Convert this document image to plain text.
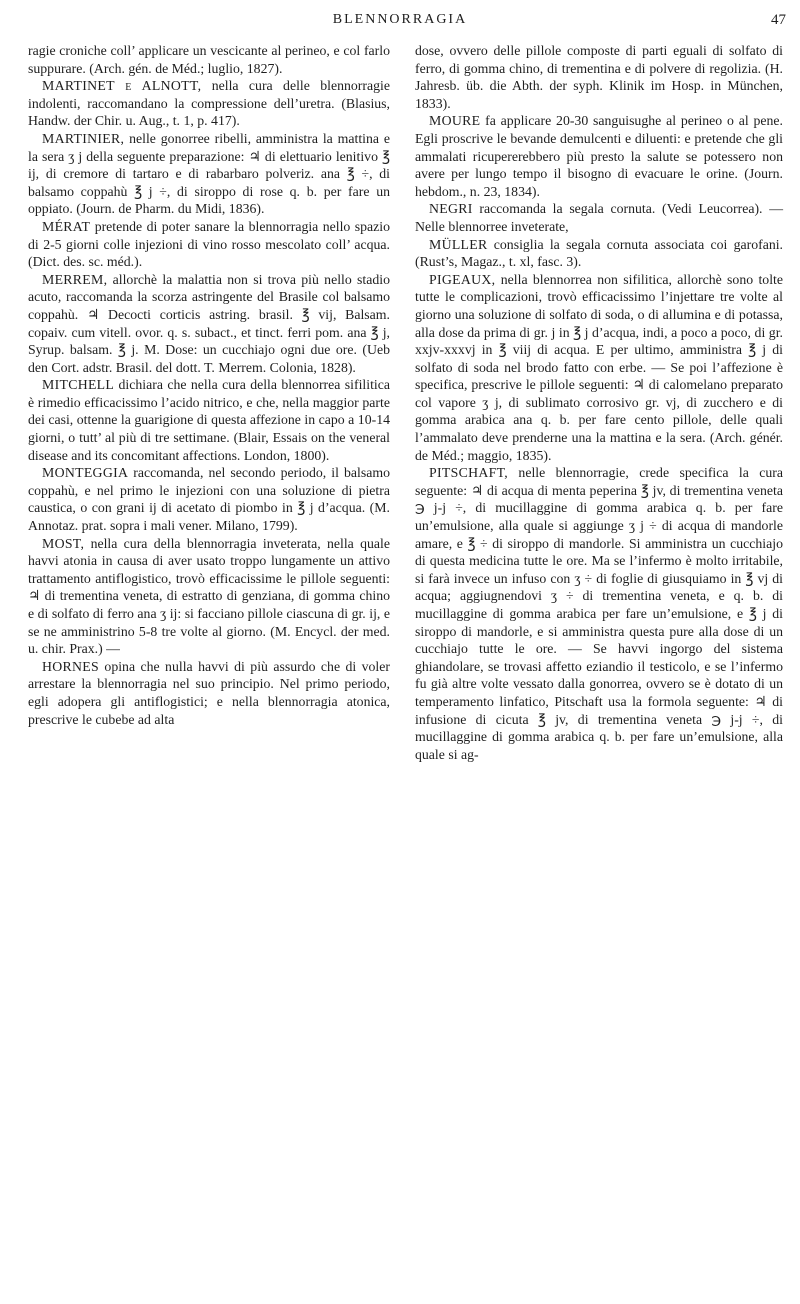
BLENNORRAGIA	47

ragie croniche coll’ applicare un vescicante al perineo, e col farlo suppurare. (Arch. gén. de Méd.; luglio, 1827).

MARTINET e ALNOTT, nella cura delle blennorragie indolenti, raccomandano la compressione dell’uretra. (Blasius, Handw. der Chir. u. Aug., t. 1, p. 417).

MARTINIER, nelle gonorree ribelli, amministra la mattina e la sera ʒ j della seguente preparazione: ♃ di elettuario lenitivo ℥ ij, di cremore di tartaro e di rabarbaro polveriz. ana ℥ ÷, di balsamo coppahù ℥ j ÷, di siroppo di rose q. b. per fare un oppiato. (Journ. de Pharm. du Midi, 1836).

MÉRAT pretende di poter sanare la blennorragia nello spazio di 2-5 giorni colle injezioni di vino rosso mescolato coll’ acqua. (Dict. des. sc. méd.).

MERREM, allorchè la malattia non si trova più nello stadio acuto, raccomanda la scorza astringente del Brasile col balsamo coppahù. ♃ Decocti corticis astring. brasil. ℥ vij, Balsam. copaiv. cum vitell. ovor. q. s. subact., et tinct. ferri pom. ana ℥ j, Syrup. balsam. ℥ j. M. Dose: un cucchiajo ogni due ore. (Ueb den Cort. adstr. Brasil. del dott. T. Merrem. Colonia, 1828).

MITCHELL dichiara che nella cura della blennorrea sifilitica è rimedio efficacissimo l’acido nitrico, e che, nella maggior parte dei casi, ottenne la guarigione di questa affezione in capo a 10-14 giorni, o tutt’ al più di tre settimane. (Blair, Essais on the veneral disease and its concomitant affections. London, 1800).

MONTEGGIA raccomanda, nel secondo periodo, il balsamo coppahù, e nel primo le injezioni con una soluzione di pietra caustica, o con grani ij di acetato di piombo in ℥ j d’acqua. (M. Annotaz. prat. sopra i mali vener. Milano, 1799).

MOST, nella cura della blennorragia inveterata, nella quale havvi atonia in causa di aver usato troppo lungamente un attivo trattamento antiflogistico, trovò efficacissime le pillole seguenti: ♃ di trementina veneta, di estratto di genziana, di gomma chino e di solfato di ferro ana ʒ ij: si facciano pillole ciascuna di gr. ij, e se ne amministrino 5-8 tre volte al giorno. (M. Encycl. der med. u. chir. Prax.) —

HORNES opina che nulla havvi di più assurdo che di voler arrestare la blennorragia nel suo principio. Nel primo periodo, egli adopera gli antiflogistici; e nella blennorragia atonica, prescrive le cubebe ad alta

dose, ovvero delle pillole composte di parti eguali di solfato di ferro, di gomma chino, di trementina e di polvere di regolizia. (H. Jahresb. üb. die Abth. der syph. Klinik im Hosp. in München, 1833).

MOURE fa applicare 20-30 sanguisughe al perineo o al pene. Egli proscrive le bevande demulcenti e diluenti: e pretende che gli ammalati ricupererebbero più presto la salute se potessero non avere per lungo tempo il bisogno di evacuare le orine. (Journ. hebdom., n. 23, 1834).

NEGRI raccomanda la segala cornuta. (Vedi Leucorrea). — Nelle blennorree inveterate,

MÜLLER consiglia la segala cornuta associata coi garofani. (Rust’s, Magaz., t. xl, fasc. 3).

PIGEAUX, nella blennorrea non sifilitica, allorchè sono tolte tutte le complicazioni, trovò efficacissimo l’injettare tre volte al giorno una soluzione di solfato di soda, o di allumina e di potassa, alla dose da prima di gr. j in ℥ j d’acqua, indi, a poco a poco, di gr. xxjv-xxxvj in ℥ viij di acqua. E per ultimo, amministra ℥ j di solfato di soda nel brodo fatto con erbe. — Se poi l’affezione è specifica, prescrive le pillole seguenti: ♃ di calomelano preparato col vapore ʒ j, di sublimato corrosivo gr. vj, di zucchero e di gomma arabica ana q. b. per fare cento pillole, delle quali l’ammalato deve prenderne una la mattina e la sera. (Arch. génér. de Méd.; maggio, 1835).

PITSCHAFT, nelle blennorragie, crede specifica la cura seguente: ♃ di acqua di menta peperina ℥ jv, di trementina veneta ℈ j-j ÷, di mucillaggine di gomma arabica q. b. per fare un’emulsione, alla quale si aggiunge ʒ j ÷ di acqua di mandorle amare, e ℥ ÷ di siroppo di mandorle. Si amministra un cucchiajo di questa medicina tutte le ore. Ma se l’infermo è molto irritabile, si farà invece un infuso con ʒ ÷ di foglie di giusquiamo in ℥ vj di acqua; aggiugnendovi ʒ ÷ di trementina veneta, e q. b. di mucillaggine di gomma arabica per fare un’emulsione, e ℥ j di siroppo di mandorle, e si amministra questa pure alla dose di un cucchiajo tutte le ore. — Se havvi ingorgo del sistema ghiandolare, se trovasi affetto eziandio il testicolo, e se l’infermo fu già altre volte vessato dalla gonorrea, ovvero se è dotato di un temperamento linfatico, Pitschaft usa la formola seguente: ♃ di infusione di cicuta ℥ jv, di trementina veneta ℈ j-j ÷, di mucillaggine di gomma arabica q. b. per fare un’emulsione, alla quale si ag-
